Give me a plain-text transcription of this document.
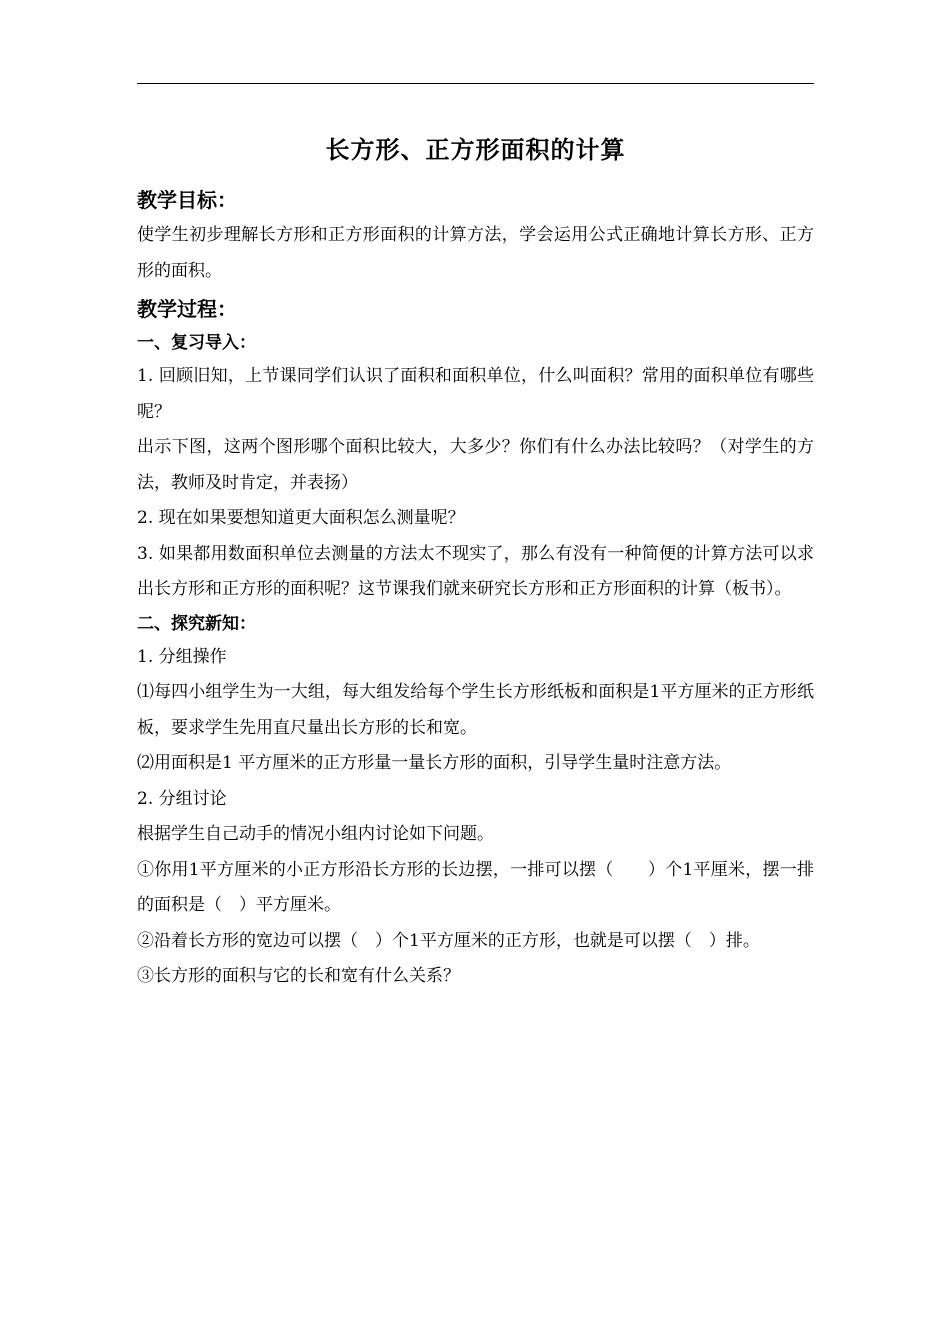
长方形、正方形面积的计算
教学目标：

使学生初步理解长方形和正方形面积的计算方法，学会运用公式正确地计算长方形、正方形的面积。

教学过程：
一、复习导入：

1. 回顾旧知，上节课同学们认识了面积和面积单位，什么叫面积？常用的面积单位有哪些呢？

出示下图，这两个图形哪个面积比较大，大多少？你们有什么办法比较吗？（对学生的方法，教师及时肯定，并表扬）

2. 现在如果要想知道更大面积怎么测量呢？

3. 如果都用数面积单位去测量的方法太不现实了，那么有没有一种简便的计算方法可以求出长方形和正方形的面积呢？这节课我们就来研究长方形和正方形面积的计算（板书）。

二、探究新知：

1. 分组操作

⑴每四小组学生为一大组，每大组发给每个学生长方形纸板和面积是1平方厘米的正方形纸板，要求学生先用直尺量出长方形的长和宽。

⑵用面积是1 平方厘米的正方形量一量长方形的面积，引导学生量时注意方法。

2. 分组讨论

根据学生自己动手的情况小组内讨论如下问题。

①你用1平方厘米的小正方形沿长方形的长边摆，一排可以摆（　　）个1平厘米，摆一排的面积是（　）平方厘米。

②沿着长方形的宽边可以摆（　）个1平方厘米的正方形，也就是可以摆（　）排。

③长方形的面积与它的长和宽有什么关系？
